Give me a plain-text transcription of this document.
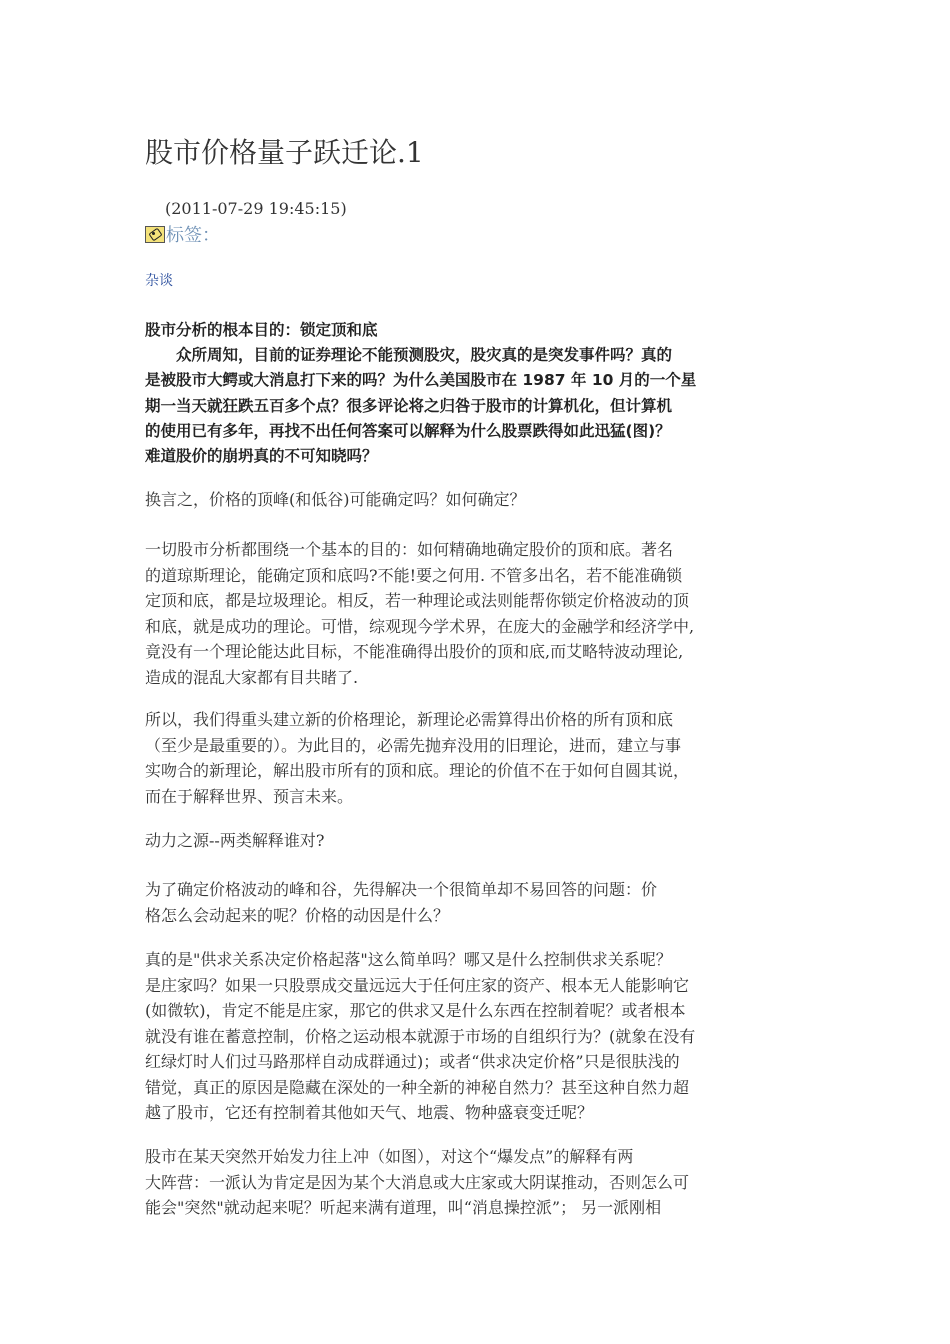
股市价格量子跃迁论.1
(2011-07-29 19:45:15)
标签：
杂谈
股市分析的根本目的：锁定顶和底
　　众所周知，目前的证券理论不能预测股灾，股灾真的是突发事件吗？真的
是被股市大鳄或大消息打下来的吗？为什么美国股市在 1987 年 10 月的一个星
期一当天就狂跌五百多个点？很多评论将之归咎于股市的计算机化，但计算机
的使用已有多年，再找不出任何答案可以解释为什么股票跌得如此迅猛(图)？
难道股价的崩坍真的不可知晓吗？
换言之，价格的顶峰(和低谷)可能确定吗？如何确定？
一切股市分析都围绕一个基本的目的：如何精确地确定股价的顶和底。著名
的道琼斯理论，能确定顶和底吗?不能!要之何用. 不管多出名，若不能准确锁
定顶和底，都是垃圾理论。相反，若一种理论或法则能帮你锁定价格波动的顶
和底，就是成功的理论。可惜，综观现今学术界，在庞大的金融学和经济学中,
竟没有一个理论能达此目标，不能准确得出股价的顶和底,而艾略特波动理论,
造成的混乱大家都有目共睹了.
所以，我们得重头建立新的价格理论，新理论必需算得出价格的所有顶和底
（至少是最重要的）。为此目的，必需先抛弃没用的旧理论，进而，建立与事
实吻合的新理论，解出股市所有的顶和底。理论的价值不在于如何自圆其说，
而在于解释世界、预言未来。
动力之源--两类解释谁对?
为了确定价格波动的峰和谷，先得解决一个很简单却不易回答的问题：价
格怎么会动起来的呢？价格的动因是什么？
真的是"供求关系决定价格起落"这么简单吗？哪又是什么控制供求关系呢？
是庄家吗？如果一只股票成交量远远大于任何庄家的资产、根本无人能影响它
(如微软)，肯定不能是庄家，那它的供求又是什么东西在控制着呢？或者根本
就没有谁在蓄意控制，价格之运动根本就源于市场的自组织行为？(就象在没有
红绿灯时人们过马路那样自动成群通过)；或者“供求决定价格”只是很肤浅的
错觉，真正的原因是隐藏在深处的一种全新的神秘自然力？甚至这种自然力超
越了股市，它还有控制着其他如天气、地震、物种盛衰变迁呢？
股市在某天突然开始发力往上冲（如图），对这个“爆发点”的解释有两
大阵营：一派认为肯定是因为某个大消息或大庄家或大阴谋推动，否则怎么可
能会"突然"就动起来呢？听起来满有道理，叫“消息操控派”； 另一派刚相
